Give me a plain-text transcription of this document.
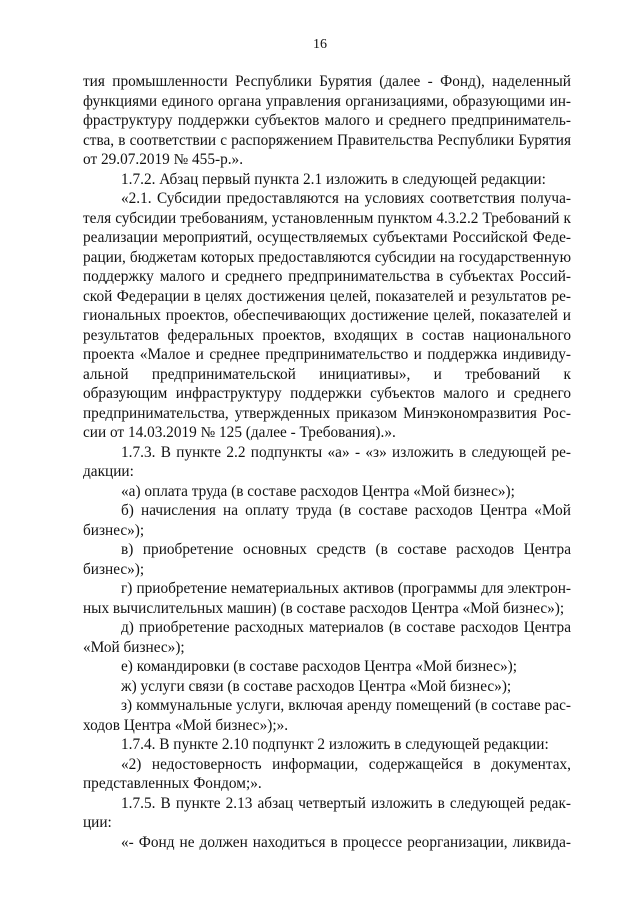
16
тия промышленности Республики Бурятия (далее - Фонд), наделенный
функциями единого органа управления организациями, образующими ин-
фраструктуру поддержки субъектов малого и среднего предприниматель-
ства, в соответствии с распоряжением Правительства Республики Бурятия
от 29.07.2019 № 455-р.».
1.7.2. Абзац первый пункта 2.1 изложить в следующей редакции:
«2.1. Субсидии предоставляются на условиях соответствия получа-
теля субсидии требованиям, установленным пунктом 4.3.2.2 Требований к
реализации мероприятий, осуществляемых субъектами Российской Феде-
рации, бюджетам которых предоставляются субсидии на государственную
поддержку малого и среднего предпринимательства в субъектах Россий-
ской Федерации в целях достижения целей, показателей и результатов ре-
гиональных проектов, обеспечивающих достижение целей, показателей и
результатов федеральных проектов, входящих в состав национального
проекта «Малое и среднее предпринимательство и поддержка индивиду-
альной предпринимательской инициативы», и требований к
образующим инфраструктуру поддержки субъектов малого и среднего
предпринимательства, утвержденных приказом Минэкономразвития Рос-
сии от 14.03.2019 № 125 (далее - Требования).».
1.7.3. В пункте 2.2 подпункты «а» - «з» изложить в следующей ре-
дакции:
«а) оплата труда (в составе расходов Центра «Мой бизнес»);
б) начисления на оплату труда (в составе расходов Центра «Мой
бизнес»);
в) приобретение основных средств (в составе расходов Центра
бизнес»);
г) приобретение нематериальных активов (программы для электрон-
ных вычислительных машин) (в составе расходов Центра «Мой бизнес»);
д) приобретение расходных материалов (в составе расходов Центра
«Мой бизнес»);
е) командировки (в составе расходов Центра «Мой бизнес»);
ж) услуги связи (в составе расходов Центра «Мой бизнес»);
з) коммунальные услуги, включая аренду помещений (в составе рас-
ходов Центра «Мой бизнес»);».
1.7.4. В пункте 2.10 подпункт 2 изложить в следующей редакции:
«2) недостоверность информации, содержащейся в документах,
представленных Фондом;».
1.7.5. В пункте 2.13 абзац четвертый изложить в следующей редак-
ции:
«- Фонд не должен находиться в процессе реорганизации, ликвида-
